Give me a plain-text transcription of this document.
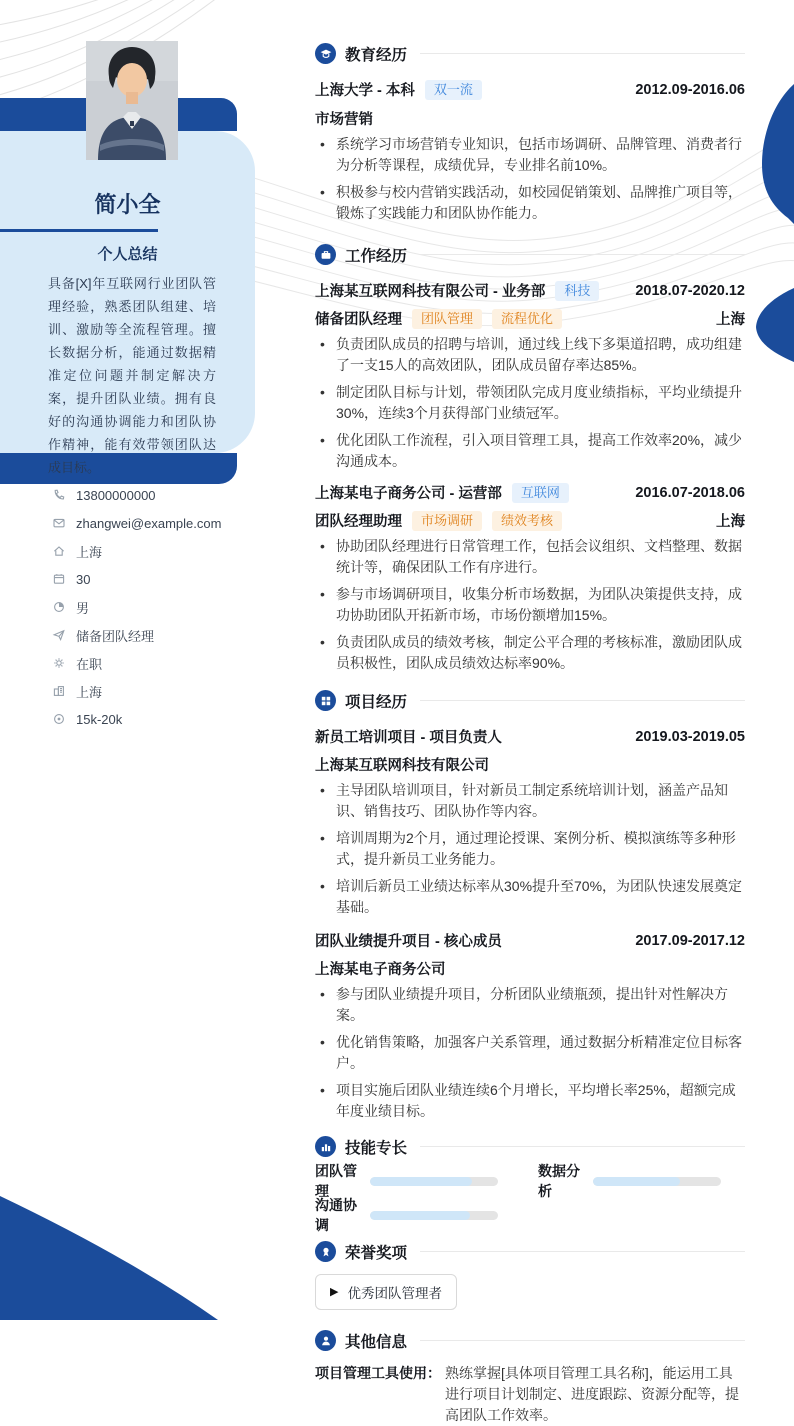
简小全
个人总结
具备[X]年互联网行业团队管理经验，熟悉团队组建、培训、激励等全流程管理。擅长数据分析，能通过数据精准定位问题并制定解决方案，提升团队业绩。拥有良好的沟通协调能力和团队协作精神，能有效带领团队达成目标。
13800000000
zhangwei@example.com
上海
30
男
储备团队经理
在职
上海
15k-20k
教育经历
上海大学 - 本科	双一流	2012.09-2016.06
市场营销
• 系统学习市场营销专业知识，包括市场调研、品牌管理、消费者行为分析等课程，成绩优异，专业排名前10%。
• 积极参与校内营销实践活动，如校园促销策划、品牌推广项目等，锻炼了实践能力和团队协作能力。
工作经历
上海某互联网科技有限公司 - 业务部	科技	2018.07-2020.12
储备团队经理	团队管理	流程优化	上海
• 负责团队成员的招聘与培训，通过线上线下多渠道招聘，成功组建了一支15人的高效团队，团队成员留存率达85%。
• 制定团队目标与计划，带领团队完成月度业绩指标，平均业绩提升30%，连续3个月获得部门业绩冠军。
• 优化团队工作流程，引入项目管理工具，提高工作效率20%，减少沟通成本。
上海某电子商务公司 - 运营部	互联网	2016.07-2018.06
团队经理助理	市场调研	绩效考核	上海
• 协助团队经理进行日常管理工作，包括会议组织、文档整理、数据统计等，确保团队工作有序进行。
• 参与市场调研项目，收集分析市场数据，为团队决策提供支持，成功协助团队开拓新市场，市场份额增加15%。
• 负责团队成员的绩效考核，制定公平合理的考核标准，激励团队成员积极性，团队成员绩效达标率90%。
项目经历
新员工培训项目 - 项目负责人	2019.03-2019.05
上海某互联网科技有限公司
• 主导团队培训项目，针对新员工制定系统培训计划，涵盖产品知识、销售技巧、团队协作等内容。
• 培训周期为2个月，通过理论授课、案例分析、模拟演练等多种形式，提升新员工业务能力。
• 培训后新员工业绩达标率从30%提升至70%，为团队快速发展奠定基础。
团队业绩提升项目 - 核心成员	2017.09-2017.12
上海某电子商务公司
• 参与团队业绩提升项目，分析团队业绩瓶颈，提出针对性解决方案。
• 优化销售策略，加强客户关系管理，通过数据分析精准定位目标客户。
• 项目实施后团队业绩连续6个月增长，平均增长率25%，超额完成年度业绩目标。
技能专长
团队管理
数据分析
沟通协调
荣誉奖项
▶ 优秀团队管理者
其他信息
项目管理工具使用： 熟练掌握[具体项目管理工具名称]，能运用工具进行项目计划制定、进度跟踪、资源分配等，提高团队工作效率。
